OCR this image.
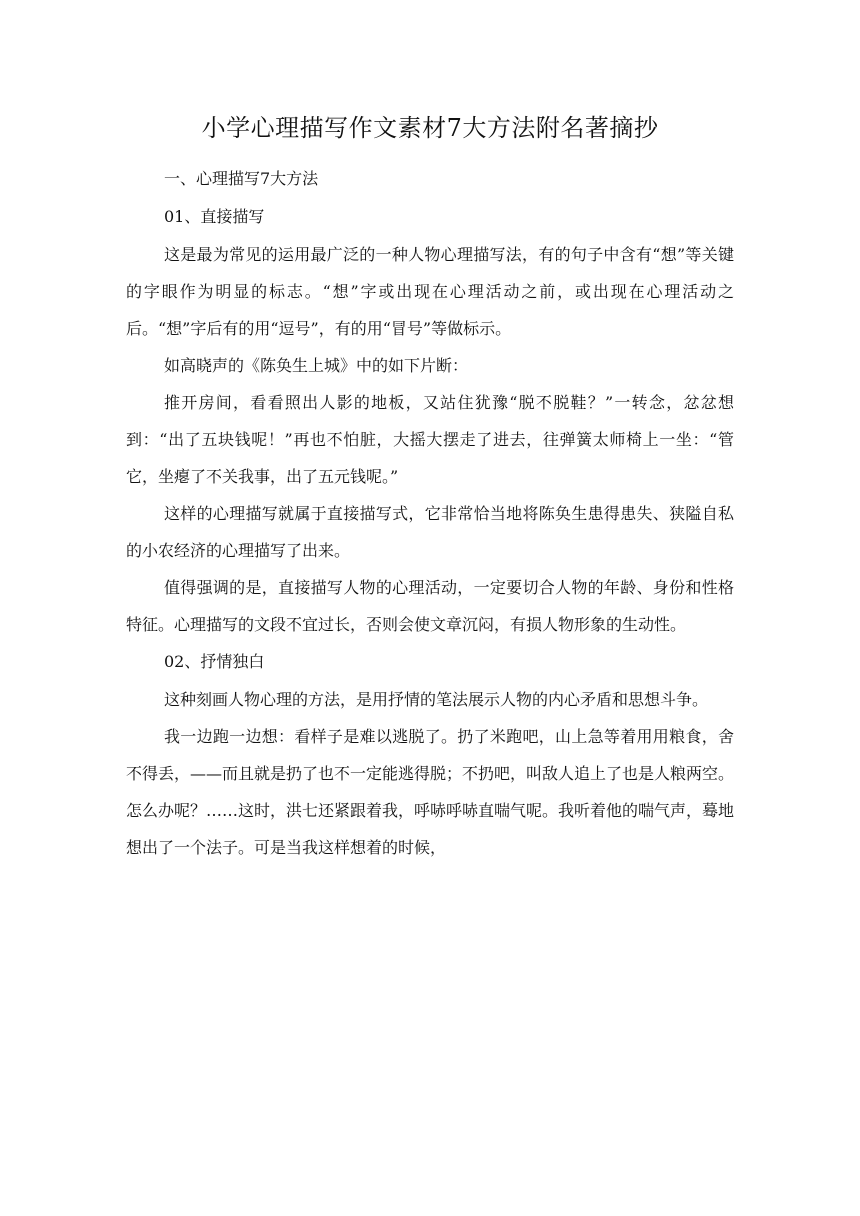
小学心理描写作文素材7大方法附名著摘抄

一、心理描写7大方法

01、直接描写

这是最为常见的运用最广泛的一种人物心理描写法，有的句子中含有“想”等关键的字眼作为明显的标志。“想”字或出现在心理活动之前，或出现在心理活动之后。“想”字后有的用“逗号”，有的用“冒号”等做标示。

如高晓声的《陈奂生上城》中的如下片断：

推开房间，看看照出人影的地板，又站住犹豫“脱不脱鞋？”一转念，忿忿想到：“出了五块钱呢！”再也不怕脏，大摇大摆走了进去，往弹簧太师椅上一坐：“管它，坐瘪了不关我事，出了五元钱呢。”

这样的心理描写就属于直接描写式，它非常恰当地将陈奂生患得患失、狭隘自私的小农经济的心理描写了出来。

值得强调的是，直接描写人物的心理活动，一定要切合人物的年龄、身份和性格特征。心理描写的文段不宜过长，否则会使文章沉闷，有损人物形象的生动性。

02、抒情独白

这种刻画人物心理的方法，是用抒情的笔法展示人物的内心矛盾和思想斗争。

我一边跑一边想：看样子是难以逃脱了。扔了米跑吧，山上急等着用用粮食，舍不得丢，——而且就是扔了也不一定能逃得脱；不扔吧，叫敌人追上了也是人粮两空。怎么办呢？……这时，洪七还紧跟着我，呼哧呼哧直喘气呢。我听着他的喘气声，蓦地想出了一个法子。可是当我这样想着的时候，
